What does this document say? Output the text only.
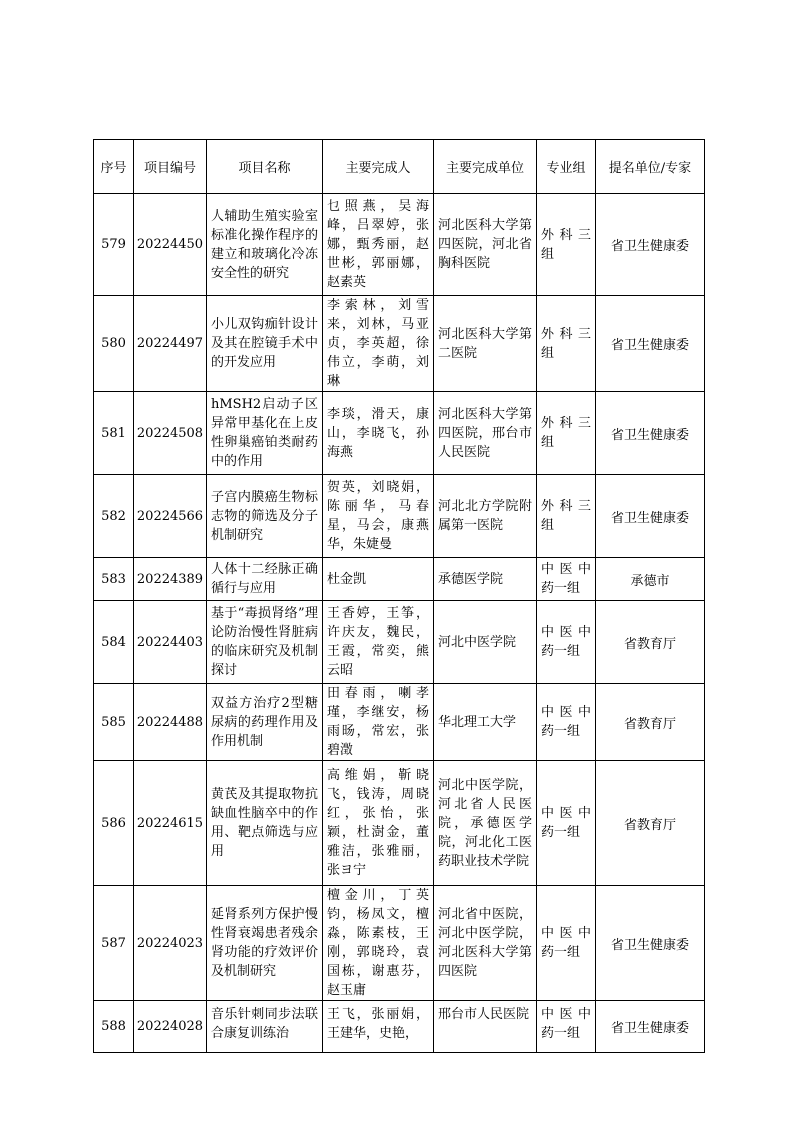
序号	项目编号	项目名称	主要完成人	主要完成单位	专业组	提名单位/专家
579	20224450	人辅助生殖实验室标准化操作程序的建立和玻璃化冷冻安全性的研究	乜照燕，吴海峰，吕翠婷，张娜，甄秀丽，赵世彬，郭丽娜，赵素英	河北医科大学第四医院，河北省胸科医院	外科三组	省卫生健康委
580	20224497	小儿双钩痂针设计及其在腔镜手术中的开发应用	李索林，刘雪来，刘林，马亚贞，李英超，徐伟立，李萌，刘琳	河北医科大学第二医院	外科三组	省卫生健康委
581	20224508	hMSH2启动子区异常甲基化在上皮性卵巢癌铂类耐药中的作用	李琰，滑天，康山，李晓飞，孙海燕	河北医科大学第四医院，邢台市人民医院	外科三组	省卫生健康委
582	20224566	子宫内膜癌生物标志物的筛选及分子机制研究	贺英，刘晓娟，陈丽华，马春星，马会，康燕华，朱婕曼	河北北方学院附属第一医院	外科三组	省卫生健康委
583	20224389	人体十二经脉正确循行与应用	杜金凯	承德医学院	中医中药一组	承德市
584	20224403	基于“毒损肾络”理论防治慢性肾脏病的临床研究及机制探讨	王香婷，王筝，许庆友，魏民，王霞，常奕，熊云昭	河北中医学院	中医中药一组	省教育厅
585	20224488	双益方治疗2型糖尿病的药理作用及作用机制	田春雨，喇孝瑾，李继安，杨雨旸，常宏，张碧澂	华北理工大学	中医中药一组	省教育厅
586	20224615	黄芪及其提取物抗缺血性脑卒中的作用、靶点筛选与应用	高维娟，靳晓飞，钱涛，周晓红，张怡，张颖，杜澍金，董雅洁，张雅丽，张ヨ宁	河北中医学院，河北省人民医院，承德医学院，河北化工医药职业技术学院	中医中药一组	省教育厅
587	20224023	延肾系列方保护慢性肾衰竭患者残余肾功能的疗效评价及机制研究	檀金川，丁英钧，杨凤文，檀淼，陈素枝，王刚，郭晓玲，袁国栋，谢惠芬，赵玉庸	河北省中医院，河北中医学院，河北医科大学第四医院	中医中药一组	省卫生健康委
588	20224028	音乐针刺同步法联合康复训练治	王飞，张丽娟，王建华，史艳，	邢台市人民医院	中医中药一组	省卫生健康委
